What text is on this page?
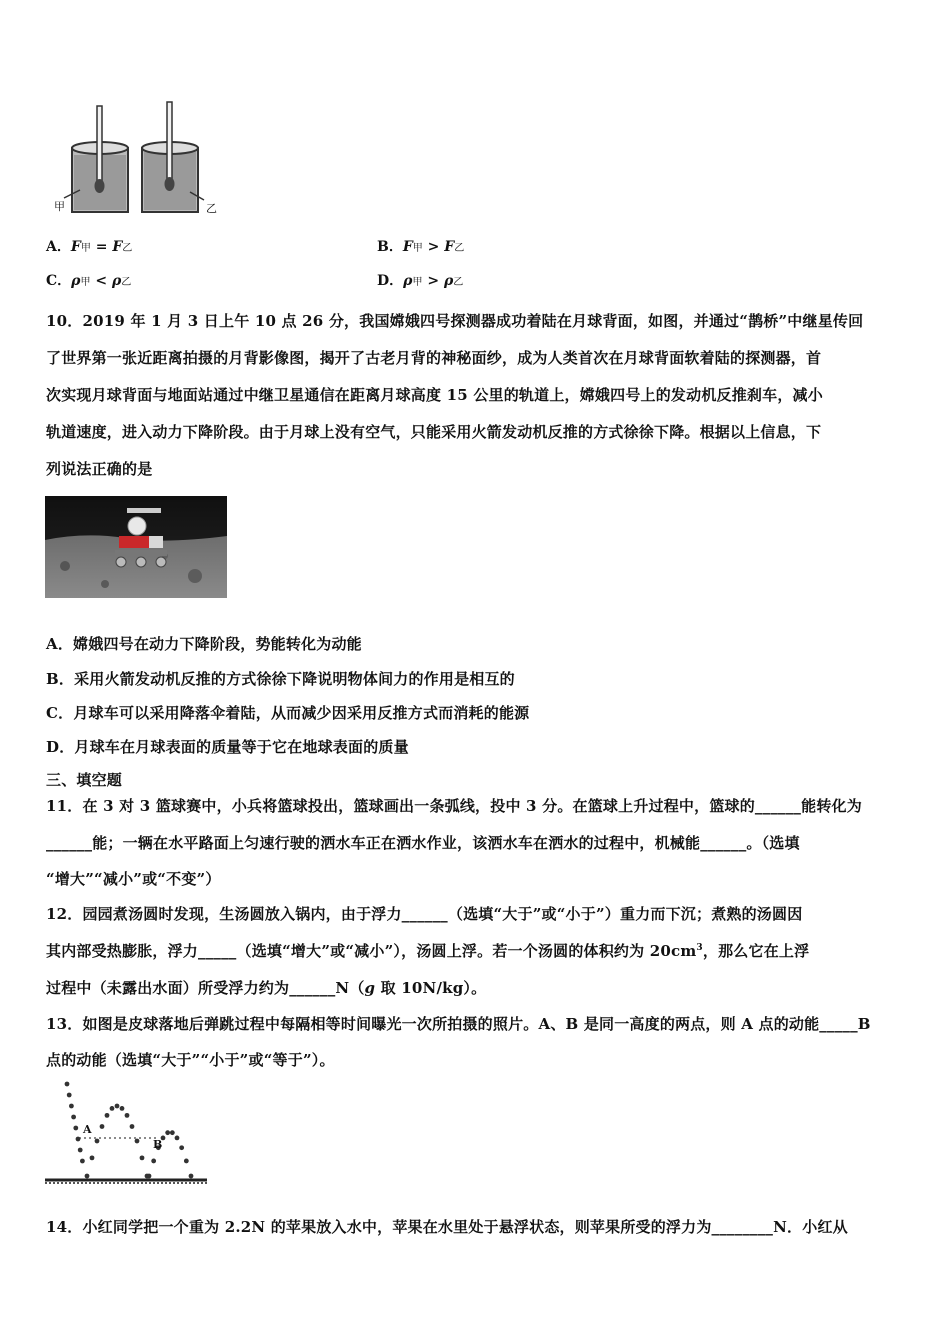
甲	乙
A．F甲 = F乙	B．F甲 > F乙
C．ρ甲 < ρ乙	D．ρ甲 > ρ乙
10．2019 年 1 月 3 日上午 10 点 26 分，我国嫦娥四号探测器成功着陆在月球背面，如图，并通过“鹊桥”中继星传回
了世界第一张近距离拍摄的月背影像图，揭开了古老月背的神秘面纱，成为人类首次在月球背面软着陆的探测器，首
次实现月球背面与地面站通过中继卫星通信在距离月球高度 15 公里的轨道上，嫦娥四号上的发动机反推刹车，减小
轨道速度，进入动力下降阶段。由于月球上没有空气，只能采用火箭发动机反推的方式徐徐下降。根据以上信息，下
列说法正确的是
A．嫦娥四号在动力下降阶段，势能转化为动能
B．采用火箭发动机反推的方式徐徐下降说明物体间力的作用是相互的
C．月球车可以采用降落伞着陆，从而减少因采用反推方式而消耗的能源
D．月球车在月球表面的质量等于它在地球表面的质量
三、填空题
11．在 3 对 3 篮球赛中，小兵将篮球投出，篮球画出一条弧线，投中 3 分。在篮球上升过程中，篮球的______能转化为
______能；一辆在水平路面上匀速行驶的洒水车正在洒水作业，该洒水车在洒水的过程中，机械能______。（选填
“增大”“减小”或“不变”）
12．园园煮汤圆时发现，生汤圆放入锅内，由于浮力______（选填“大于”或“小于”）重力而下沉；煮熟的汤圆因
其内部受热膨胀，浮力_____（选填“增大”或“减小”），汤圆上浮。若一个汤圆的体积约为 $20cm^3$，那么它在上浮
过程中（未露出水面）所受浮力约为______N（g 取 10N/kg）。
13．如图是皮球落地后弹跳过程中每隔相等时间曝光一次所拍摄的照片。A、B 是同一高度的两点，则 A 点的动能_____B
点的动能（选填“大于”“小于”或“等于”）。
A
B
14．小红同学把一个重为 2.2N 的苹果放入水中，苹果在水里处于悬浮状态，则苹果所受的浮力为________N．小红从
